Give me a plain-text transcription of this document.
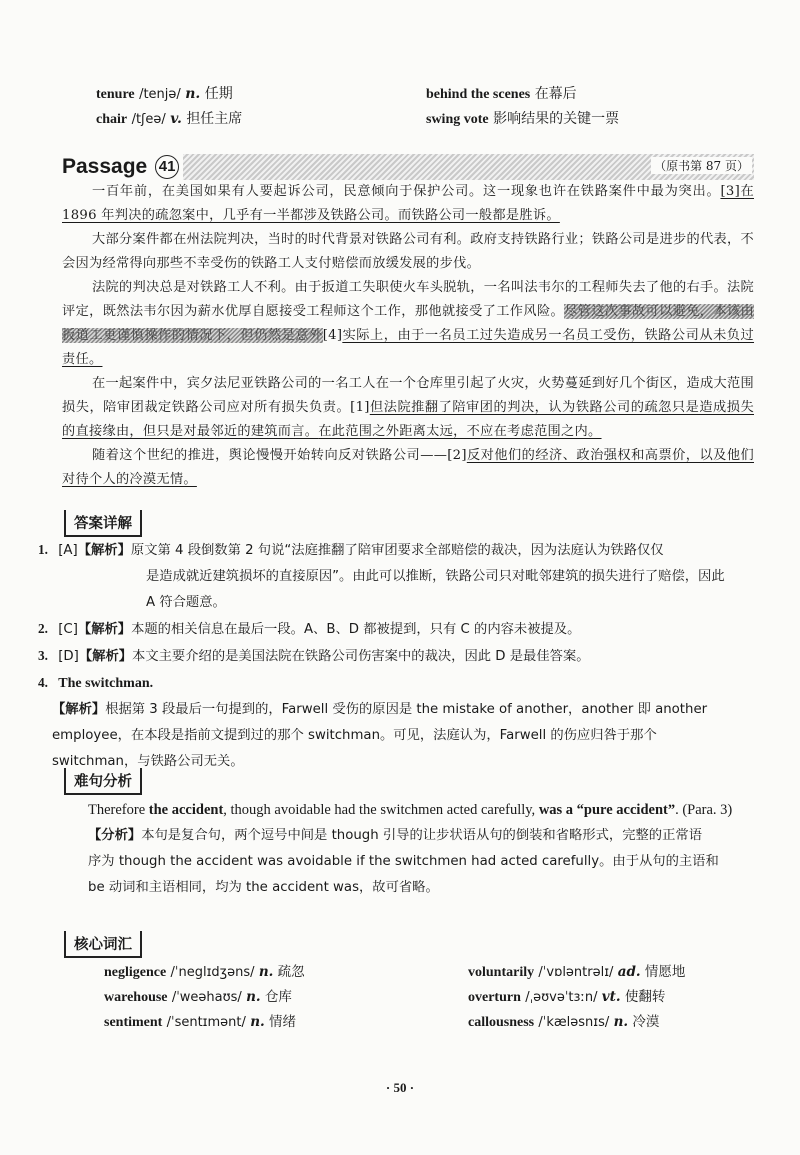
tenure /tenjə/ n. 任期
chair /tʃeə/ v. 担任主席
behind the scenes 在幕后
swing vote 影响结果的关键一票
Passage 41	（原书第 87 页）

一百年前，在美国如果有人要起诉公司，民意倾向于保护公司。这一现象也许在铁路案件中最为突出。[3]在 1896 年判决的疏忽案中，几乎有一半都涉及铁路公司。而铁路公司一般都是胜诉。

大部分案件都在州法院判决，当时的时代背景对铁路公司有利。政府支持铁路行业；铁路公司是进步的代表，不会因为经常得向那些不幸受伤的铁路工人支付赔偿而放缓发展的步伐。

法院的判决总是对铁路工人不利。由于扳道工失职使火车头脱轨，一名叫法韦尔的工程师失去了他的右手。法院评定，既然法韦尔因为薪水优厚自愿接受工程师这个工作，那他就接受了工作风险。尽管这次事故可以避免，本该由扳道工更谨慎操作的情况下，但仍然是意外[4]实际上，由于一名员工过失造成另一名员工受伤，铁路公司从未负过责任。

在一起案件中，宾夕法尼亚铁路公司的一名工人在一个仓库里引起了火灾，火势蔓延到好几个街区，造成大范围损失，陪审团裁定铁路公司应对所有损失负责。[1]但法院推翻了陪审团的判决，认为铁路公司的疏忽只是造成损失的直接缘由，但只是对最邻近的建筑而言。在此范围之外距离太远，不应在考虑范围之内。

随着这个世纪的推进，舆论慢慢开始转向反对铁路公司——[2]反对他们的经济、政治强权和高票价，以及他们对待个人的冷漠无情。

答案详解
1. [A]【解析】原文第 4 段倒数第 2 句说“法庭推翻了陪审团要求全部赔偿的裁决，因为法庭认为铁路仅仅
是造成就近建筑损坏的直接原因”。由此可以推断，铁路公司只对毗邻建筑的损失进行了赔偿，因此
A 符合题意。
2. [C]【解析】本题的相关信息在最后一段。A、B、D 都被提到，只有 C 的内容未被提及。
3. [D]【解析】本文主要介绍的是美国法院在铁路公司伤害案中的裁决，因此 D 是最佳答案。
4. The switchman.
【解析】根据第 3 段最后一句提到的，Farwell 受伤的原因是 the mistake of another，another 即 another
employee，在本段是指前文提到过的那个 switchman。可见，法庭认为，Farwell 的伤应归咎于那个
switchman，与铁路公司无关。
难句分析

Therefore the accident, though avoidable had the switchmen acted carefully, was a “pure accident”. (Para. 3)

【分析】本句是复合句，两个逗号中间是 though 引导的让步状语从句的倒装和省略形式，完整的正常语

序为 though the accident was avoidable if the switchmen had acted carefully。由于从句的主语和

be 动词和主语相同，均为 the accident was，故可省略。

核心词汇
negligence /ˈneglɪdʒəns/ n. 疏忽
warehouse /ˈweəhaʊs/ n. 仓库
sentiment /ˈsentɪmənt/ n. 情绪
voluntarily /ˈvɒləntrəlɪ/ ad. 情愿地
overturn /ˌəʊvəˈtɜːn/ vt. 使翻转
callousness /ˈkæləsnɪs/ n. 冷漠
· 50 ·
